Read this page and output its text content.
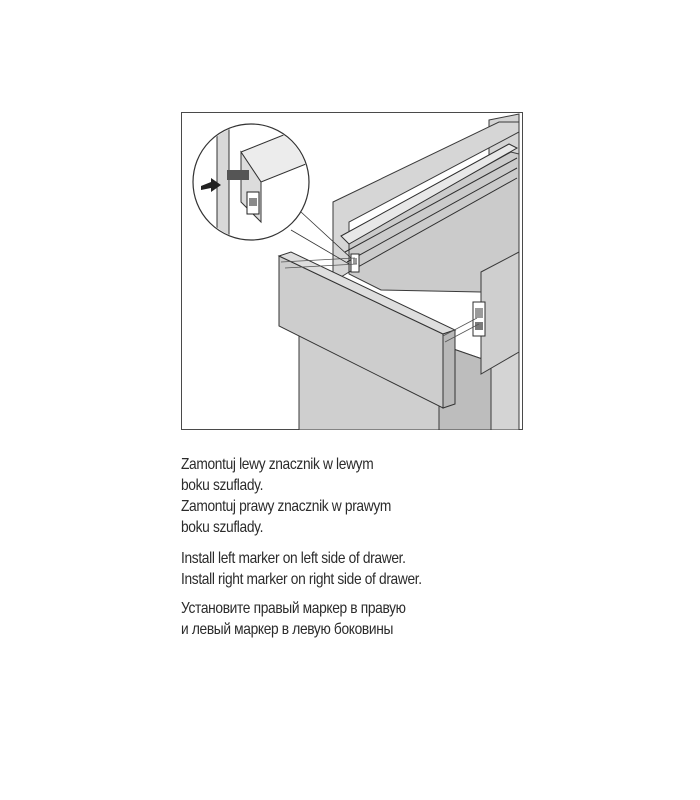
Zamontuj lewy znacznik w lewym
boku szuflady.
Zamontuj prawy znacznik w prawym
boku szuflady.
Install left marker on left side of drawer.
Install right marker on right side of drawer.
Установите правый маркер в правую
и левый маркер в левую боковины
